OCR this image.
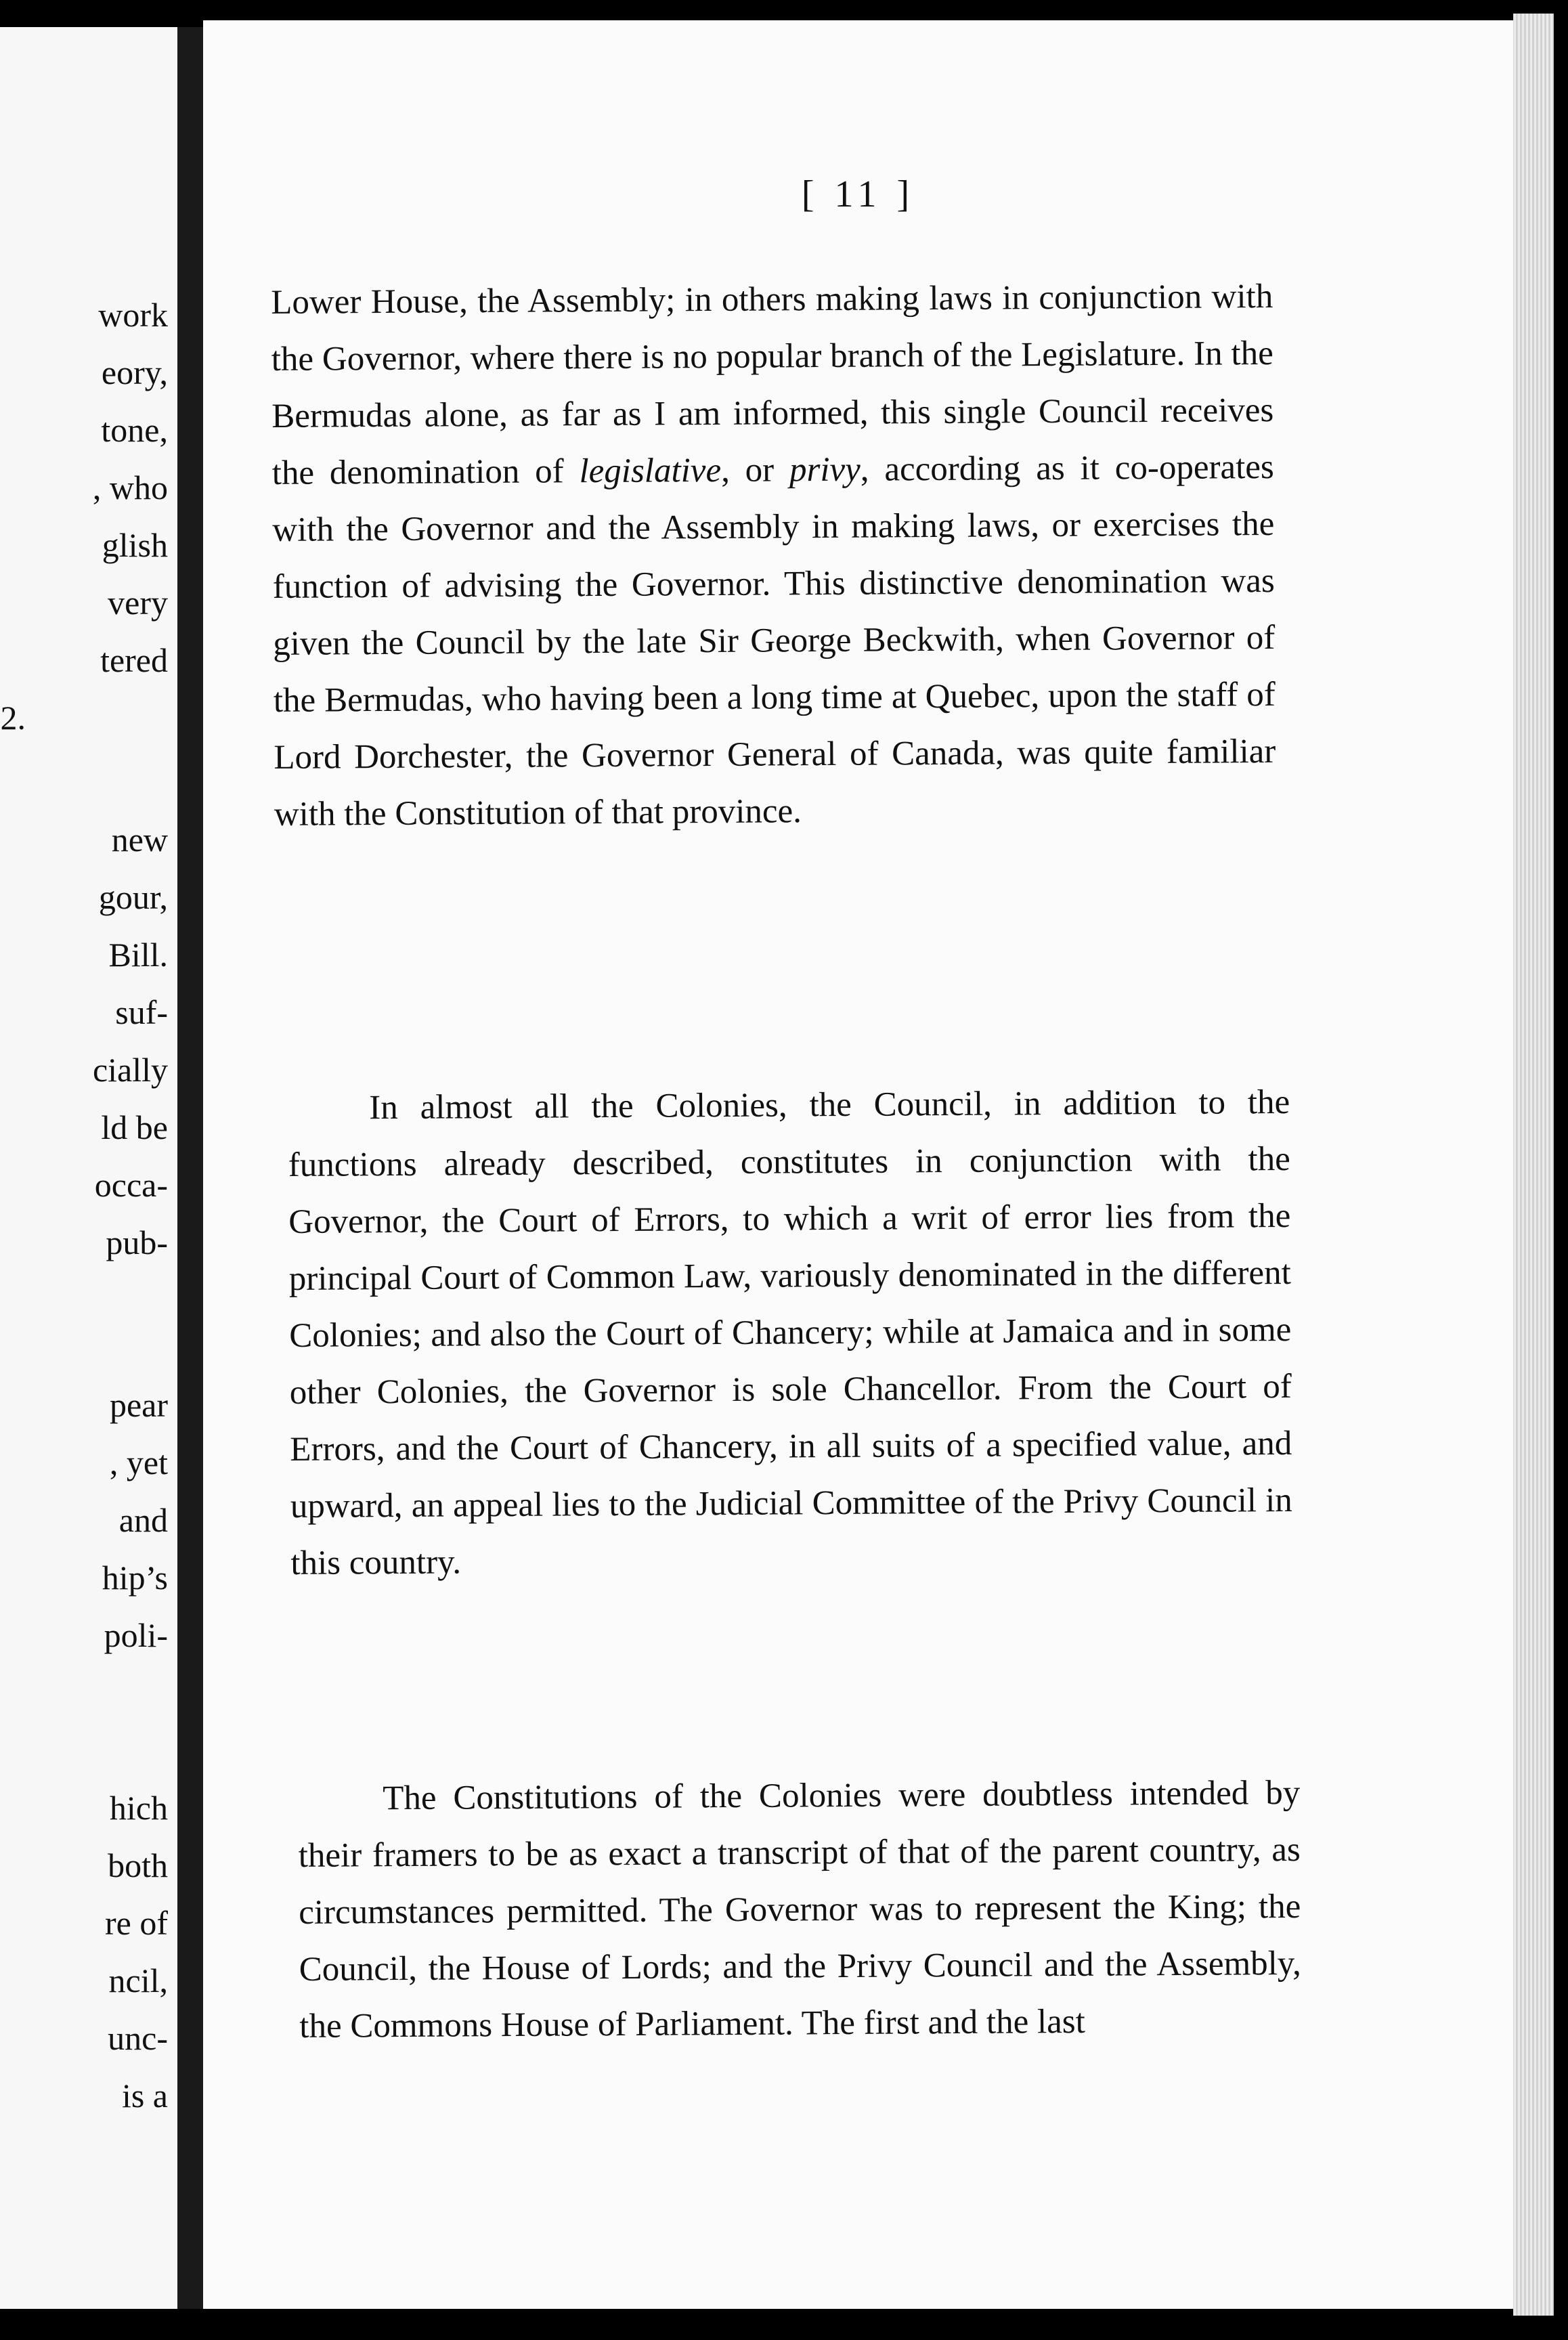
work
eory,
tone,
, who
glish
very
tered
2.
new
gour,
Bill.
suf-
cially
ld be
occa-
pub-
pear
, yet
and
hip’s
poli-
hich
both
re of
ncil,
unc-
is a
[ 11 ]

Lower House, the Assembly; in others making laws in conjunction with the Governor, where there is no popular branch of the Legislature. In the Bermudas alone, as far as I am informed, this single Council receives the denomination of legislative, or privy, according as it co-operates with the Governor and the Assembly in making laws, or exercises the function of advising the Governor. This distinctive denomination was given the Council by the late Sir George Beckwith, when Governor of the Bermudas, who having been a long time at Quebec, upon the staff of Lord Dorchester, the Governor General of Canada, was quite familiar with the Constitution of that province.

In almost all the Colonies, the Council, in addition to the functions already described, constitutes in conjunction with the Governor, the Court of Errors, to which a writ of error lies from the principal Court of Common Law, variously denominated in the different Colonies; and also the Court of Chancery; while at Jamaica and in some other Colonies, the Governor is sole Chancellor. From the Court of Errors, and the Court of Chancery, in all suits of a specified value, and upward, an appeal lies to the Judicial Committee of the Privy Council in this country.

The Constitutions of the Colonies were doubtless intended by their framers to be as exact a transcript of that of the parent country, as circumstances permitted. The Governor was to represent the King; the Council, the House of Lords; and the Privy Council and the Assembly, the Commons House of Parliament. The first and the last
